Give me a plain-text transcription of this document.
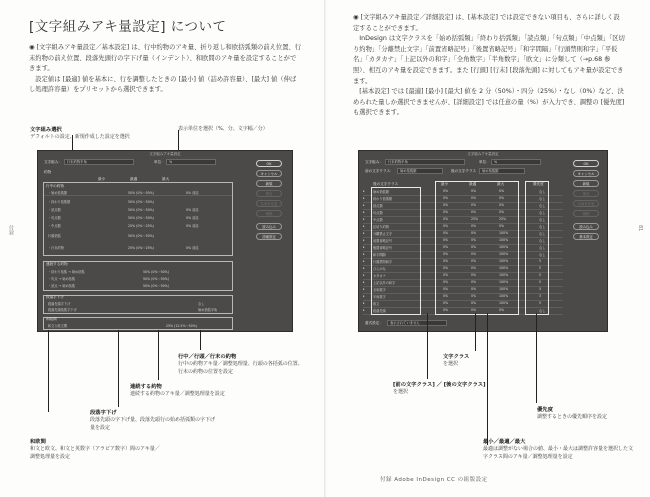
付録
[文字組みアキ量設定] について

◉ [文字組みアキ量設定／基本設定] は、行中約物のアキ量、折り返し和欧括弧類の前え位置、行末約物の前え位置、段落先頭行の字下げ量（インデント）、和欧間のアキ量を設定することができます。

設定値は [最適] 値を基本に、行を調整したときの [最小] 値（詰め許容量）、[最大] 値（伸ばし処理許容量）をプリセットから選択できます。

文字組み選択
デフォルトの設定、新規作成した設定を選択
表示単位を選択（%、分、文字幅／分）
文字組みアキ量設定
文字組み：	行末約物半角	単位：	%
約物
最小	最適	最大
行中の約物
・始め括弧類	50% (0%〜50%)	0% 前詰
・終わり括弧類	50% (0%〜50%)
・読点類	50% (0%〜50%)	0% 前詰
・句点類	50% (0%〜50%)	0% 前詰
・中点類	25% (0%〜25%)	0% 前詰
行頭括弧	50% (0%〜50%)
・行末約物	25% (0%〜25%)	0% 前詰
連続する約物
・終わり括弧 → 始め括弧	50% (0%〜50%)
・句点 → 始め括弧	50% (0%〜50%)
・読点 → 始め括弧	50% (0%〜50%)
段落字下げ
段落先頭字下げ	なし
段落先頭括弧字下げ	始め括弧半角
和欧間
和文と欧文間	25% (12.5%〜50%)
OK
キャンセル
新規
保存
名前を変更
削除
読み込み
詳細設定
行中／行頭／行末の約物
行中の約物アキ量／調整処理量、行頭の各括弧の位置、行末の約物の位置を設定
連続する約物
連続する約物のアキ量／調整処理量を設定
段落字下げ
段落先頭の字下げ量、段落先頭行の始め括弧類の字下げ量を設定
和欧間
和文と欧文、和文と英数字（アラビア数字）間のアキ量／調整処理量を設定
81

◉ [文字組みアキ量設定／詳細設定] は、[基本設定] では設定できない項目も、さらに詳しく設定することができます。

InDesign は文字クラスを「始め括弧類」「終わり括弧類」「読点類」「句点類」「中点類」「区切り約物」「分離禁止文字」「前置省略記号」「後置省略記号」「和字間隔」「行頭禁則和字」「平仮名」「カタカナ」「上記以外の和字」「全角数字」「半角数字」「欧文」に分類して（→p.68 参照）、相互のアキ量を設定できます。また [行頭] [行末] [段落先頭] に対してもアキ量が設定できます。

[基本設定] では [最適] [最小] [最大] 値を 2 分（50%）・四分（25%）・なし（0%）など、決められた量しか選択できませんが、[詳細設定] では任意の量（%）が入力でき、調整の [優先度] も選択できます。

文字組みアキ量設定
文字組み：	行末約物半角	単位：	%
前の文字クラス：	始め括弧類	後の文字クラス	始め括弧類
後の文字クラス	最小	最適	最大	優先度
▸	始め括弧類	0%	0%	0%	なし
▸	終わり括弧類	0%	0%	0%	なし
▸	読点類	0%	0%	0%	なし
▸	句点類	0%	0%	0%	なし
▸	中点類	0%	25%	25%	なし
▸	区切り約物	0%	0%	0%	なし
▸	分離禁止文字	0%	0%	100%	なし
▸	前置省略記号	0%	0%	100%	なし
▸	後置省略記号	0%	0%	100%	なし
▸	和字間隔	0%	0%	100%	なし
▸	行頭禁則和字	0%	0%	100%	5
▸	ひらがな	0%	0%	100%	5
▸	カタカナ	0%	0%	100%	5
▸	上記以外の和字	0%	0%	100%	5
▸	全角数字	0%	0%	100%	5
▸	半角数字	0%	0%	100%	3
▸	欧文	0%	0%	100%	5
▸	段落先頭	0%	0%	0%	なし
書式設定：	表示されていません
OK
キャンセル
新規
保存
名前を変更
削除
読み込み
基本設定
文字クラス
を選択
[前の文字クラス] ／ [後の文字クラス]
を選択
優先度
調整するときの優先順序を設定
最小／最適／最大
最適は調整がない場合の値、最小・最大は調整許容量を選択した文字クラス間のアキ量／調整処理量を設定
付録 Adobe InDesign CC の組版設定
